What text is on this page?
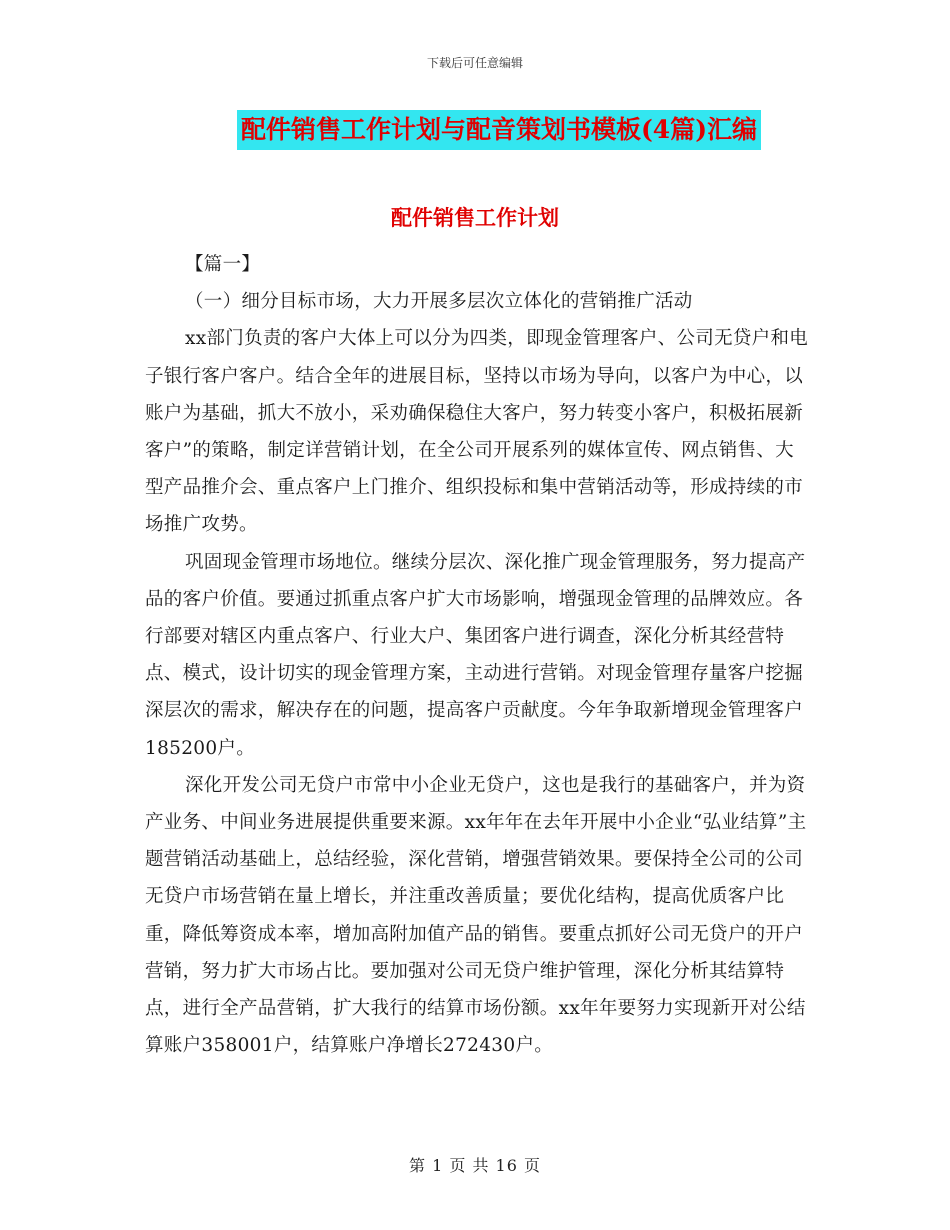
下载后可任意编辑
配件销售工作计划与配音策划书模板(4篇)汇编
配件销售工作计划

【篇一】

（一）细分目标市场，大力开展多层次立体化的营销推广活动

xx部门负责的客户大体上可以分为四类，即现金管理客户、公司无贷户和电子银行客户客户。结合全年的进展目标，坚持以市场为导向，以客户为中心，以账户为基础，抓大不放小，采劝确保稳住大客户，努力转变小客户，积极拓展新客户”的策略，制定详营销计划，在全公司开展系列的媒体宣传、网点销售、大型产品推介会、重点客户上门推介、组织投标和集中营销活动等，形成持续的市场推广攻势。

巩固现金管理市场地位。继续分层次、深化推广现金管理服务，努力提高产品的客户价值。要通过抓重点客户扩大市场影响，增强现金管理的品牌效应。各行部要对辖区内重点客户、行业大户、集团客户进行调查，深化分析其经营特点、模式，设计切实的现金管理方案，主动进行营销。对现金管理存量客户挖掘深层次的需求，解决存在的问题，提高客户贡献度。今年争取新增现金管理客户185200户。

深化开发公司无贷户市常中小企业无贷户，这也是我行的基础客户，并为资产业务、中间业务进展提供重要来源。xx年年在去年开展中小企业“弘业结算”主题营销活动基础上，总结经验，深化营销，增强营销效果。要保持全公司的公司无贷户市场营销在量上增长，并注重改善质量；要优化结构，提高优质客户比重，降低筹资成本率，增加高附加值产品的销售。要重点抓好公司无贷户的开户营销，努力扩大市场占比。要加强对公司无贷户维护管理，深化分析其结算特点，进行全产品营销，扩大我行的结算市场份额。xx年年要努力实现新开对公结算账户358001户，结算账户净增长272430户。

第 1 页 共 16 页
